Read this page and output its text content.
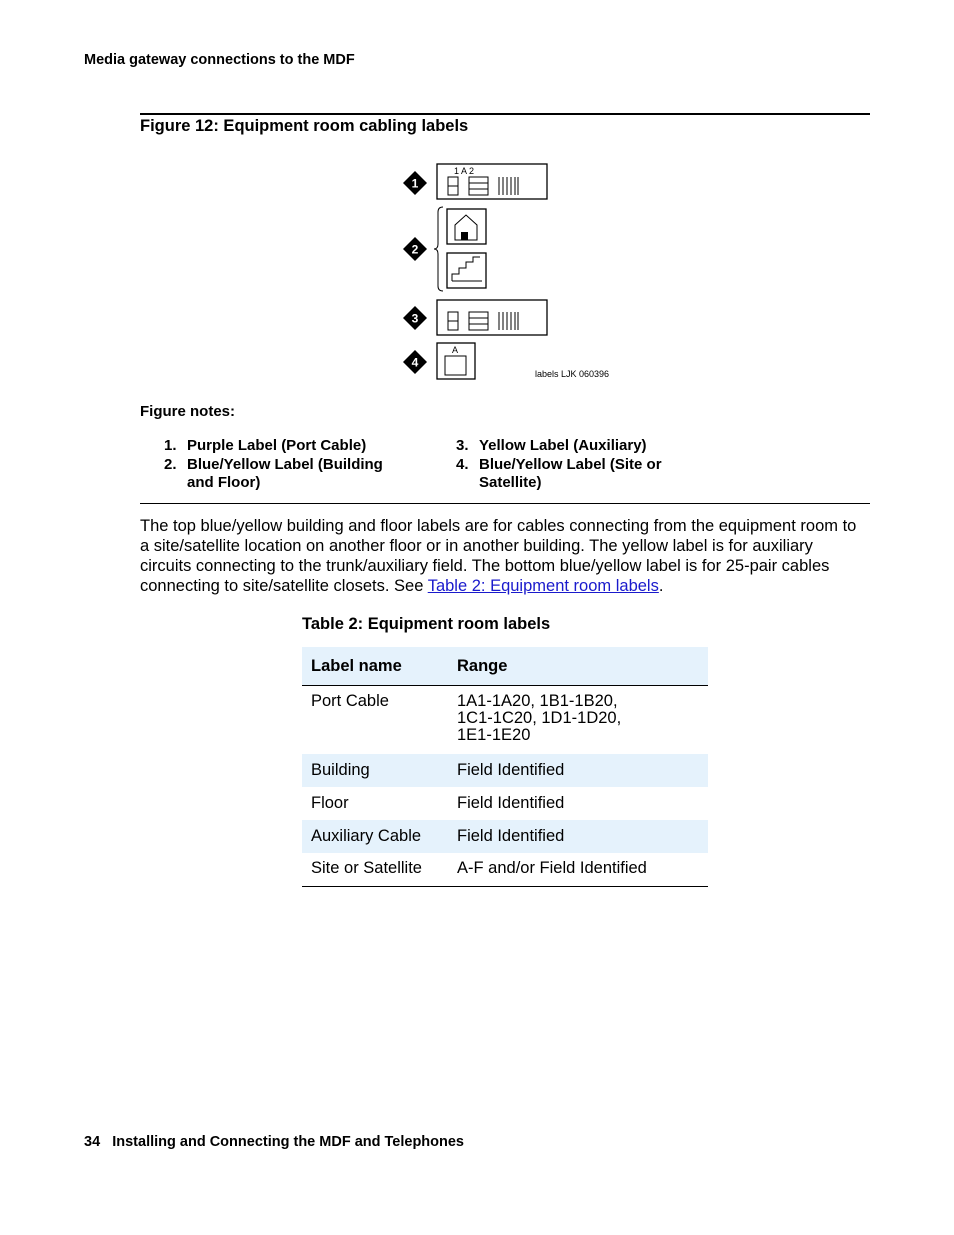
Media gateway connections to the MDF
Figure 12: Equipment room cabling labels
1
1 A 2
2
3
4
A
labels LJK 060396
Figure notes:
1. Purple Label (Port Cable)
2. Blue/Yellow Label (Building
and Floor)
3. Yellow Label (Auxiliary)
4. Blue/Yellow Label (Site or
Satellite)
The top blue/yellow building and floor labels are for cables connecting from the equipment room to a site/satellite location on another floor or in another building. The yellow label is for auxiliary circuits connecting to the trunk/auxiliary field. The bottom blue/yellow label is for 25-pair cables connecting to site/satellite closets. See Table 2: Equipment room labels.
Table 2: Equipment room labels
Label name	Range
Port Cable	1A1-1A20, 1B1-1B20,
1C1-1C20, 1D1-1D20,
1E1-1E20

Building	Field Identified
Floor	Field Identified
Auxiliary Cable	Field Identified
Site or Satellite	A-F and/or Field Identified
34 Installing and Connecting the MDF and Telephones
